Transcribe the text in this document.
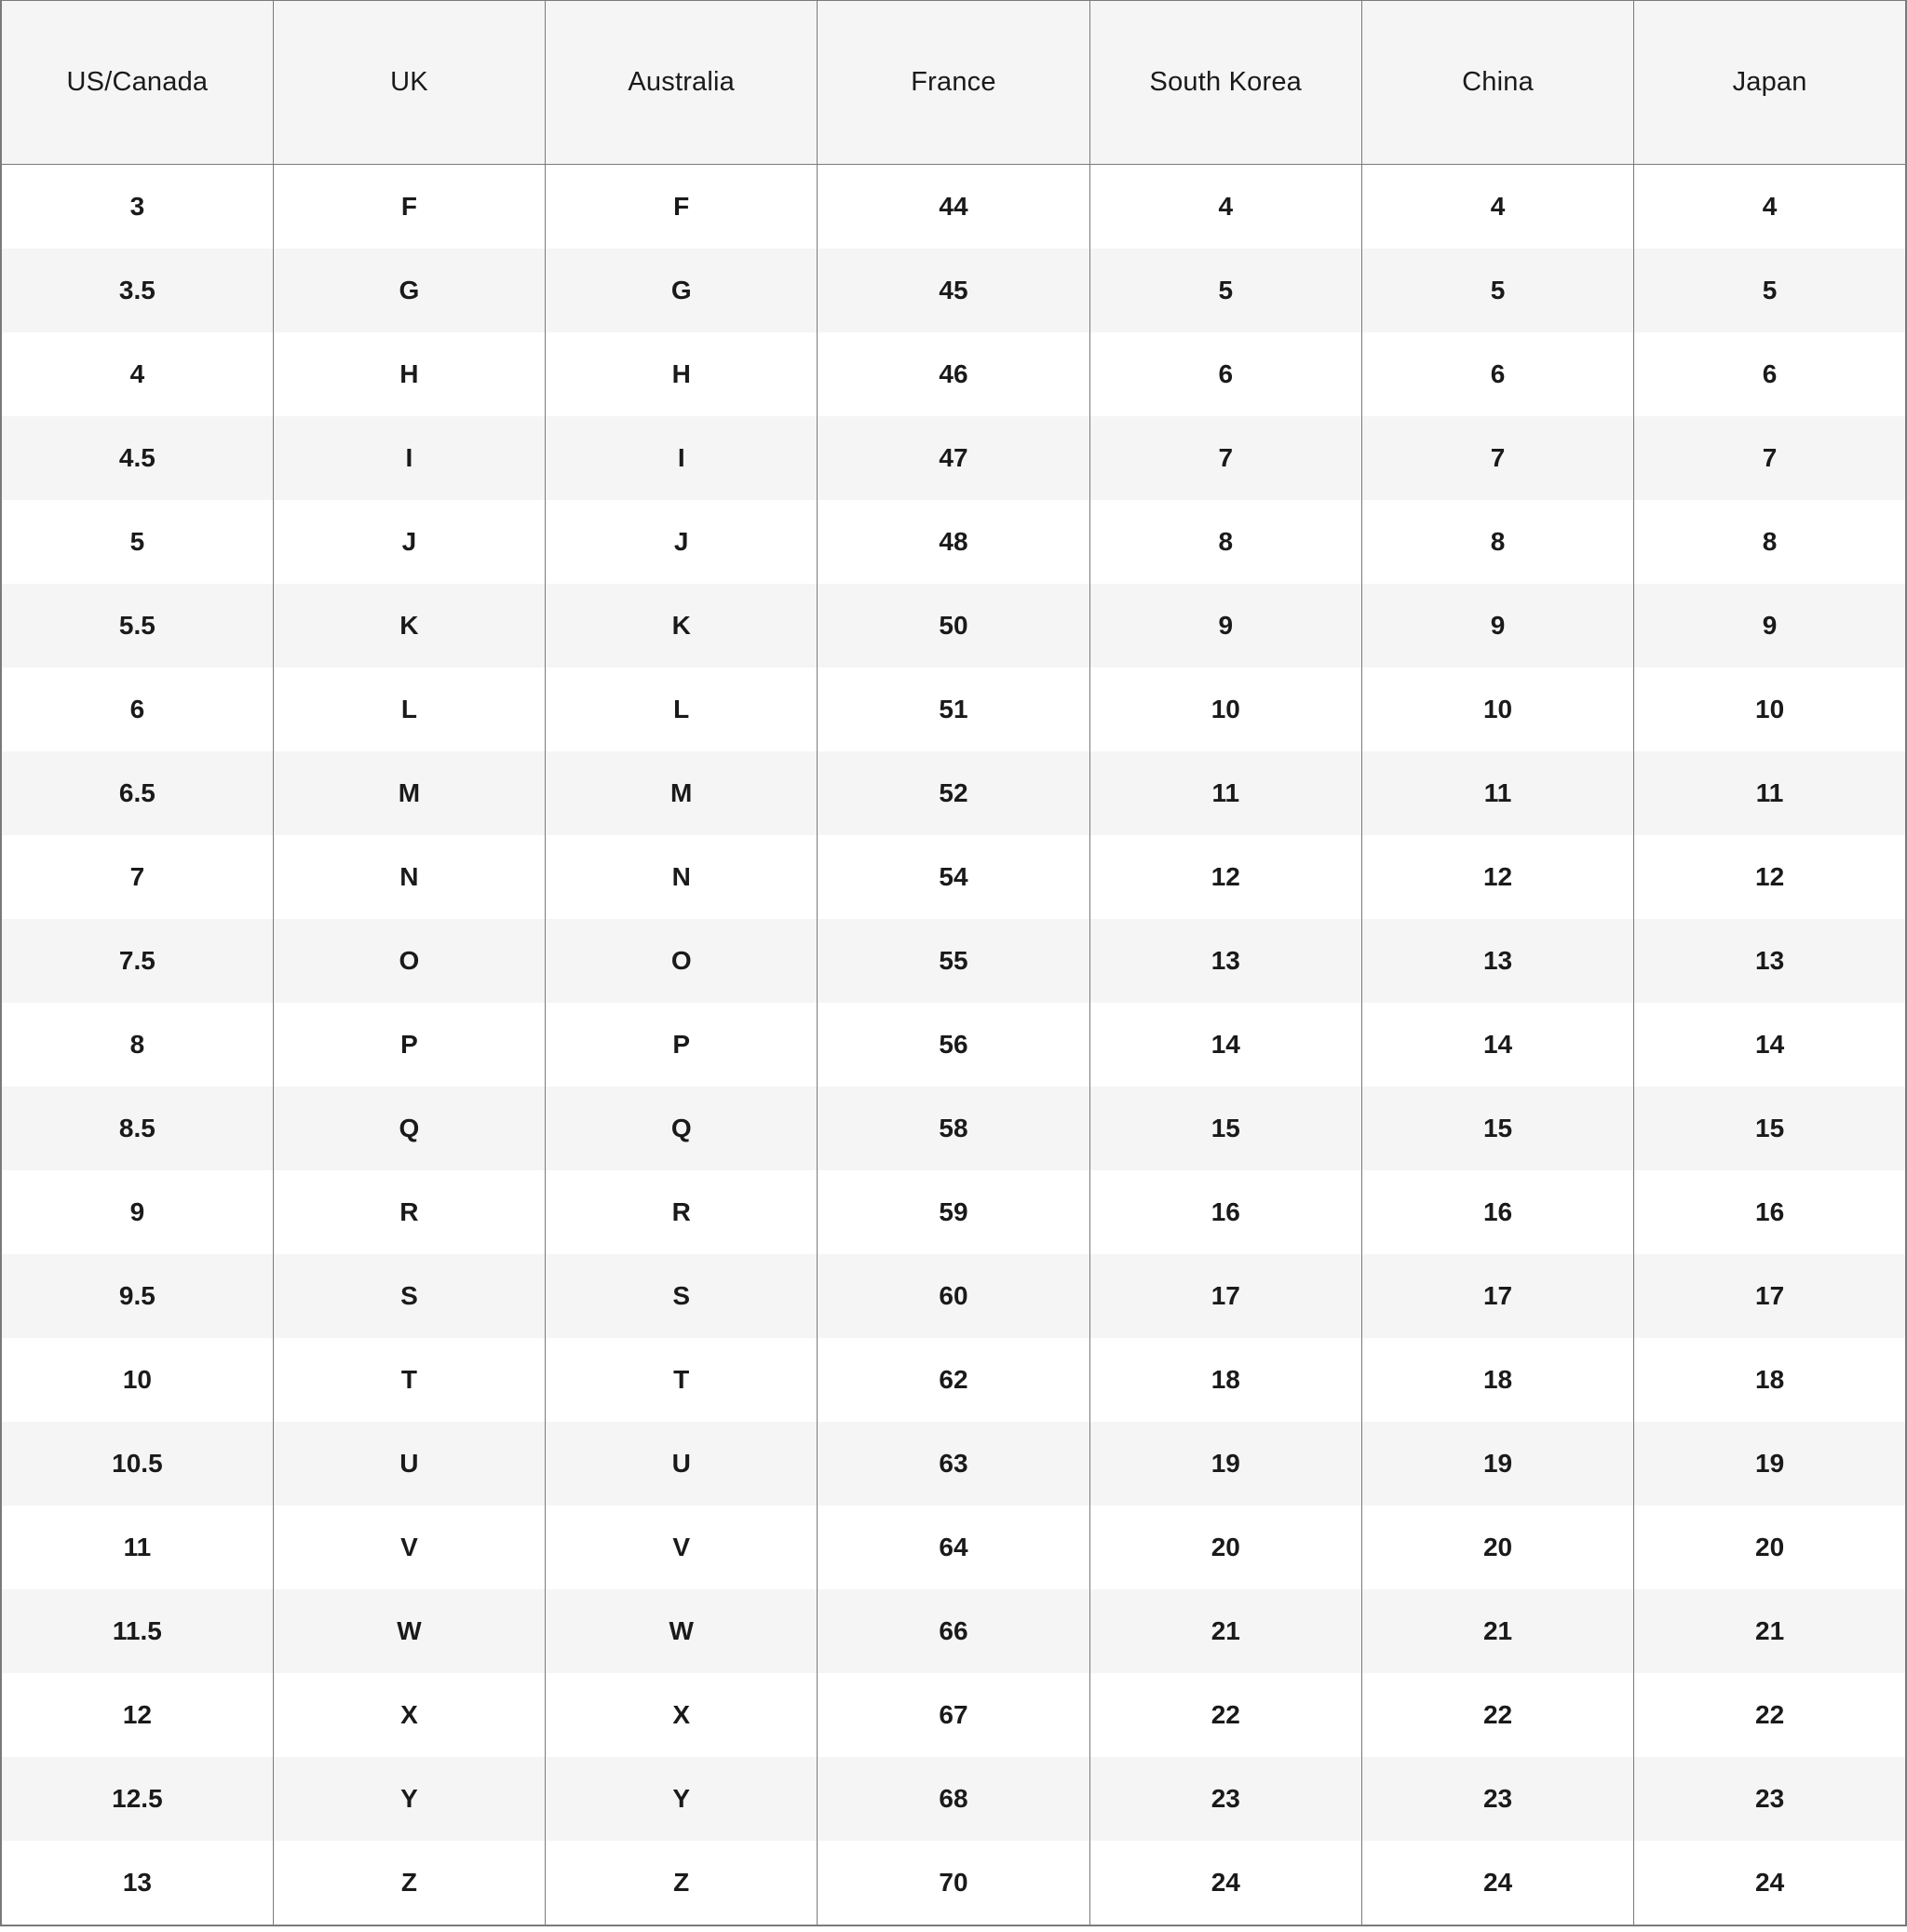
US/Canada	UK	Australia	France	South Korea	China	Japan
3	F	F	44	4	4	4
3.5	G	G	45	5	5	5
4	H	H	46	6	6	6
4.5	I	I	47	7	7	7
5	J	J	48	8	8	8
5.5	K	K	50	9	9	9
6	L	L	51	10	10	10
6.5	M	M	52	11	11	11
7	N	N	54	12	12	12
7.5	O	O	55	13	13	13
8	P	P	56	14	14	14
8.5	Q	Q	58	15	15	15
9	R	R	59	16	16	16
9.5	S	S	60	17	17	17
10	T	T	62	18	18	18
10.5	U	U	63	19	19	19
11	V	V	64	20	20	20
11.5	W	W	66	21	21	21
12	X	X	67	22	22	22
12.5	Y	Y	68	23	23	23
13	Z	Z	70	24	24	24
